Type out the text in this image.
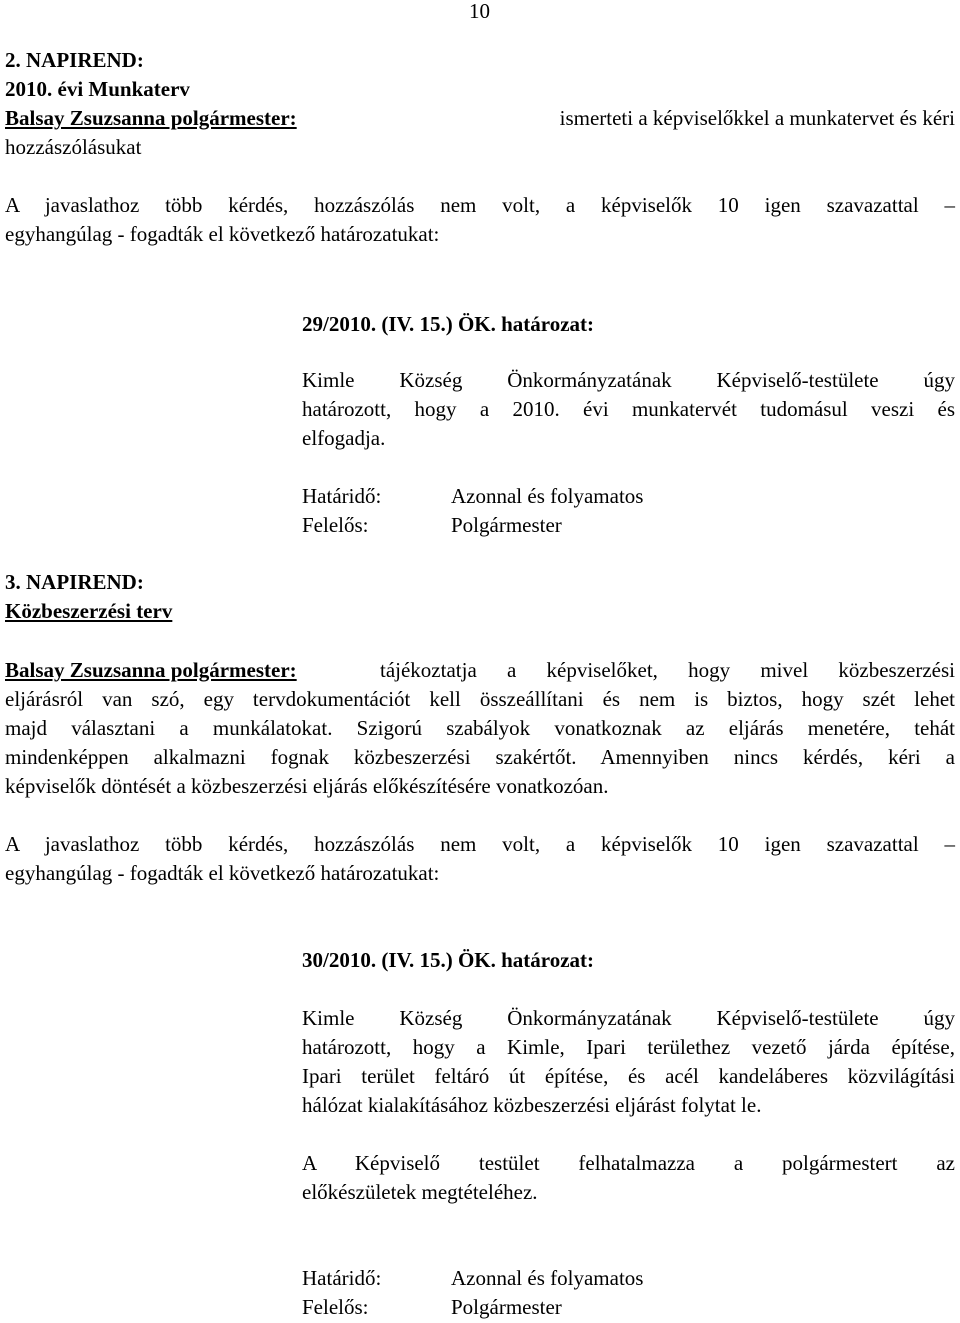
10
2. NAPIREND:
2010. évi Munkaterv
Balsay Zsuzsanna polgármester:	ismerteti a képviselőkkel a munkatervet és kéri
hozzászólásukat
A javaslathoz több kérdés, hozzászólás nem volt, a képviselők 10 igen szavazattal –
egyhangúlag - fogadták el következő határozatukat:
29/2010. (IV. 15.) ÖK. határozat:
Kimle Község Önkormányzatának Képviselő-testülete úgy
határozott, hogy a 2010. évi munkatervét tudomásul veszi és
elfogadja.
Határidő:	Azonnal és folyamatos
Felelős:	Polgármester
3. NAPIREND:
Közbeszerzési terv
Balsay Zsuzsanna polgármester:	tájékoztatja a képviselőket, hogy mivel közbeszerzési
eljárásról van szó, egy tervdokumentációt kell összeállítani és nem is biztos, hogy szét lehet
majd választani a munkálatokat. Szigorú szabályok vonatkoznak az eljárás menetére, tehát
mindenképpen alkalmazni fognak közbeszerzési szakértőt. Amennyiben nincs kérdés, kéri a
képviselők döntését a közbeszerzési eljárás előkészítésére vonatkozóan.
A javaslathoz több kérdés, hozzászólás nem volt, a képviselők 10 igen szavazattal –
egyhangúlag - fogadták el következő határozatukat:
30/2010. (IV. 15.) ÖK. határozat:
Kimle Község Önkormányzatának Képviselő-testülete úgy
határozott, hogy a Kimle, Ipari területhez vezető járda építése,
Ipari terület feltáró út építése, és acél kandeláberes közvilágítási
hálózat kialakításához közbeszerzési eljárást folytat le.
A Képviselő testület felhatalmazza a polgármestert az
előkészületek megtételéhez.
Határidő:	Azonnal és folyamatos
Felelős:	Polgármester
